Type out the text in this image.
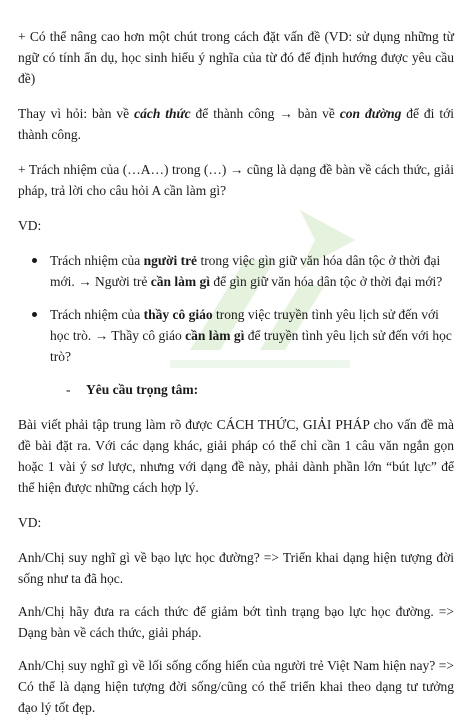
+ Có thể nâng cao hơn một chút trong cách đặt vấn đề (VD: sử dụng những từ ngữ có tính ẩn dụ, học sinh hiểu ý nghĩa của từ đó để định hướng được yêu cầu đề)

Thay vì hỏi: bàn về cách thức để thành công → bàn về con đường để đi tới thành công.

+ Trách nhiệm của (…A…) trong (…) → cũng là dạng đề bàn về cách thức, giải pháp, trả lời cho câu hỏi A cần làm gì?

VD:

Trách nhiệm của người trẻ trong việc gìn giữ văn hóa dân tộc ở thời đại mới. → Người trẻ cần làm gì để gìn giữ văn hóa dân tộc ở thời đại mới?
Trách nhiệm của thầy cô giáo trong việc truyền tình yêu lịch sử đến với học trò. → Thầy cô giáo cần làm gì để truyền tình yêu lịch sử đến với học trò?

- Yêu cầu trọng tâm:

Bài viết phải tập trung làm rõ được CÁCH THỨC, GIẢI PHÁP cho vấn đề mà đề bài đặt ra. Với các dạng khác, giải pháp có thể chỉ cần 1 câu văn ngắn gọn hoặc 1 vài ý sơ lược, nhưng với dạng đề này, phải dành phần lớn “bút lực” để thể hiện được những cách hợp lý.

VD:

Anh/Chị suy nghĩ gì về bạo lực học đường? => Triển khai dạng hiện tượng đời sống như ta đã học.

Anh/Chị hãy đưa ra cách thức để giảm bớt tình trạng bạo lực học đường. => Dạng bàn về cách thức, giải pháp.

Anh/Chị suy nghĩ gì về lối sống cống hiến của người trẻ Việt Nam hiện nay? => Có thể là dạng hiện tượng đời sống/cũng có thể triển khai theo dạng tư tưởng đạo lý tốt đẹp.
